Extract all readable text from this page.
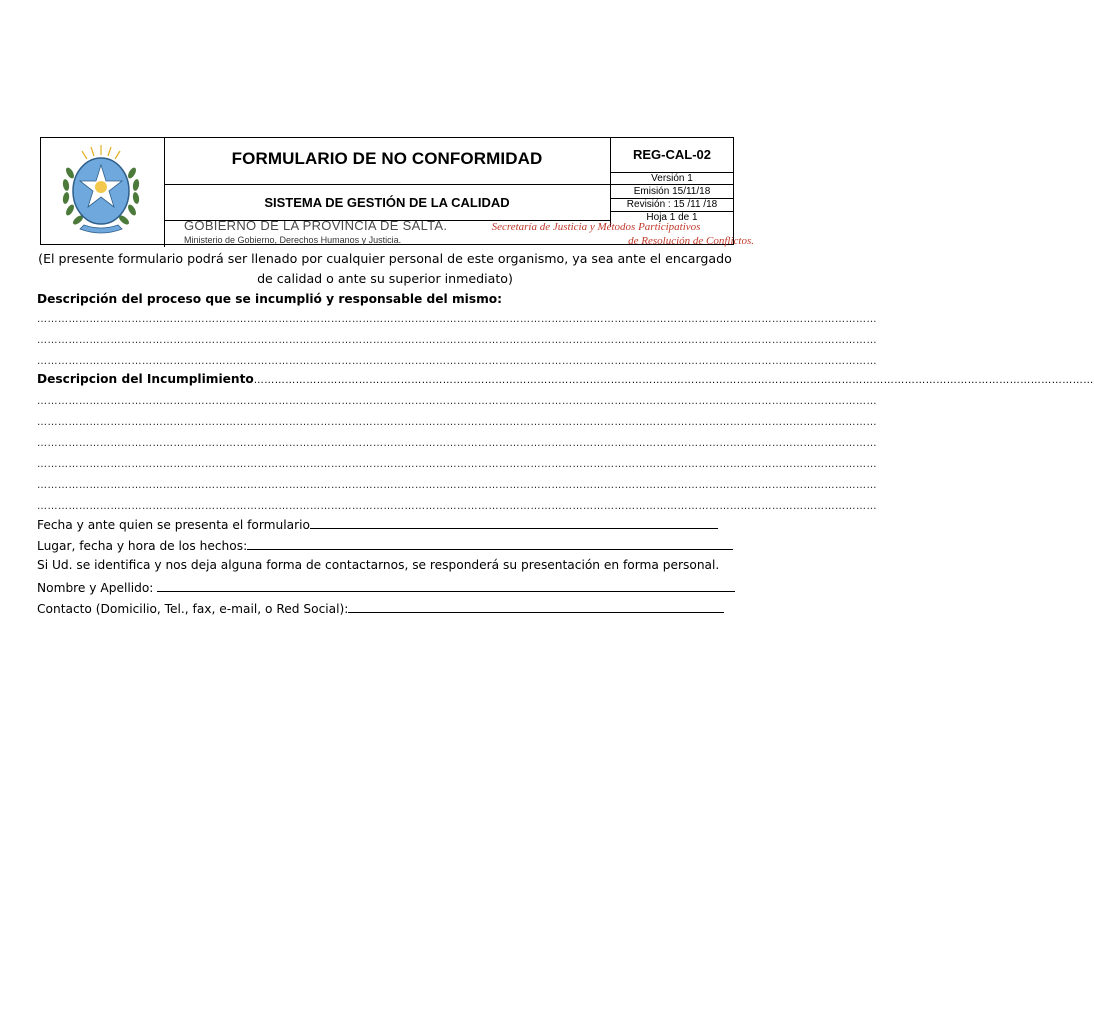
FORMULARIO DE NO CONFORMIDAD
SISTEMA DE GESTIÓN DE LA CALIDAD
REG-CAL-02
Versión 1
Emisión 15/11/18
Revisión : 15 /11 /18
Hoja 1 de 1
GOBIERNO DE LA PROVINCIA DE SALTA.
Ministerio de Gobierno, Derechos Humanos y Justicia.
Secretaría de Justicia y Métodos Participativos
de Resolución de Conflictos.
(El presente formulario podrá ser llenado por cualquier personal de este organismo, ya sea ante el encargado
de calidad o ante su superior inmediato)
Descripción del proceso que se incumplió y responsable del mismo:
……………………………………………………………………………………………………………………………………………………………………………………………………………………
……………………………………………………………………………………………………………………………………………………………………………………………………………………
……………………………………………………………………………………………………………………………………………………………………………………………………………………
Descripcion del Incumplimiento……………………………………………………………………………………………………………………………………………………………………………………………………………………
……………………………………………………………………………………………………………………………………………………………………………………………………………………
……………………………………………………………………………………………………………………………………………………………………………………………………………………
……………………………………………………………………………………………………………………………………………………………………………………………………………………
……………………………………………………………………………………………………………………………………………………………………………………………………………………
……………………………………………………………………………………………………………………………………………………………………………………………………………………
……………………………………………………………………………………………………………………………………………………………………………………………………………………
Fecha y ante quien se presenta el formulario
Lugar, fecha y hora de los hechos:
Si Ud. se identifica y nos deja alguna forma de contactarnos, se responderá su presentación en forma personal.
Nombre y Apellido:
Contacto (Domicilio, Tel., fax, e-mail, o Red Social):
